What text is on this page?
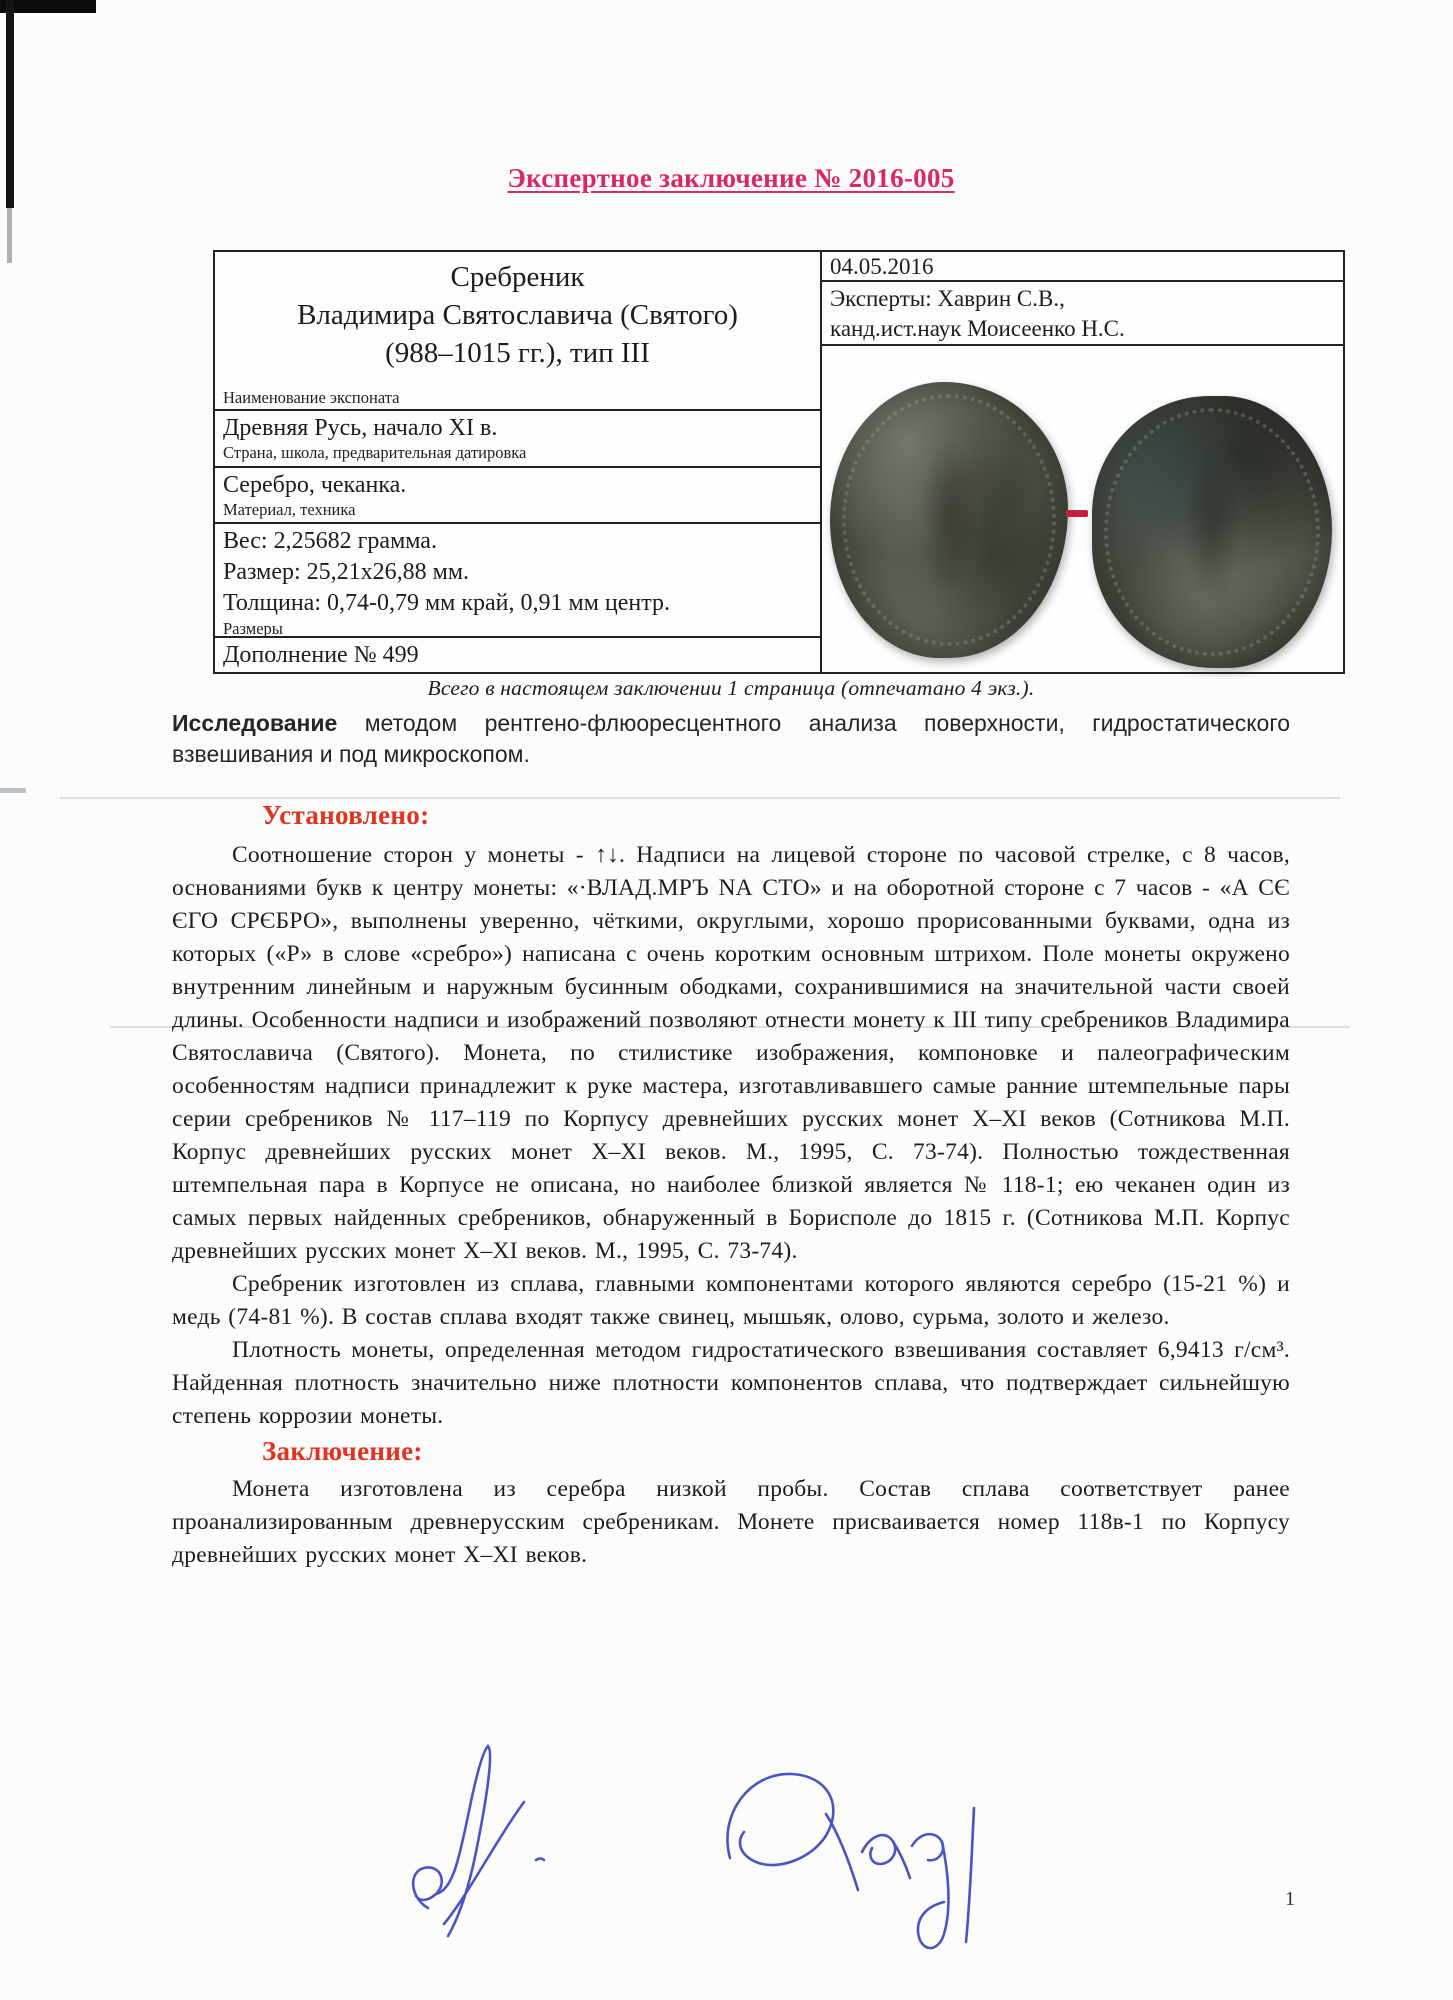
Экспертное заключение № 2016-005
Сребреник
Владимира Святославича (Святого)
(988–1015 гг.), тип III
Наименование экспоната
Древняя Русь, начало XI в.
Страна, школа, предварительная датировка
Серебро, чеканка.
Материал, техника
Вес: 2,25682 грамма.
Размер: 25,21х26,88 мм.
Толщина: 0,74-0,79 мм край, 0,91 мм центр.
Размеры
Дополнение № 499
04.05.2016
Эксперты: Хаврин С.В.,
канд.ист.наук Моисеенко Н.С.
Всего в настоящем заключении 1 страница (отпечатано 4 экз.).
Исследование методом рентгено-флюоресцентного анализа поверхности, гидростатического взвешивания и под микроскопом.
Установлено:

Соотношение сторон у монеты - ↑↓. Надписи на лицевой стороне по часовой стрелке, с 8 часов, основаниями букв к центру монеты: «·ВЛАД.МРЪ NА СТО» и на оборотной стороне с 7 часов - «А СЄ ЄГО СРЄБРО», выполнены уверенно, чёткими, округлыми, хорошо прорисованными буквами, одна из которых («Р» в слове «сребро») написана с очень коротким основным штрихом. Поле монеты окружено внутренним линейным и наружным бусинным ободками, сохранившимися на значительной части своей длины. Особенности надписи и изображений позволяют отнести монету к III типу сребреников Владимира Святославича (Святого). Монета, по стилистике изображения, компоновке и палеографическим особенностям надписи принадлежит к руке мастера, изготавливавшего самые ранние штемпельные пары серии сребреников № 117–119 по Корпусу древнейших русских монет X–XI веков (Сотникова М.П. Корпус древнейших русских монет X–XI веков. М., 1995, С. 73-74). Полностью тождественная штемпельная пара в Корпусе не описана, но наиболее близкой является № 118-1; ею чеканен один из самых первых найденных сребреников, обнаруженный в Борисполе до 1815 г. (Сотникова М.П. Корпус древнейших русских монет X–XI веков. М., 1995, С. 73-74).

Сребреник изготовлен из сплава, главными компонентами которого являются серебро (15-21 %) и медь (74-81 %). В состав сплава входят также свинец, мышьяк, олово, сурьма, золото и железо.

Плотность монеты, определенная методом гидростатического взвешивания составляет 6,9413 г/см³. Найденная плотность значительно ниже плотности компонентов сплава, что подтверждает сильнейшую степень коррозии монеты.

Заключение:

Монета изготовлена из серебра низкой пробы. Состав сплава соответствует ранее проанализированным древнерусским сребреникам. Монете присваивается номер 118в-1 по Корпусу древнейших русских монет X–XI веков.

1
